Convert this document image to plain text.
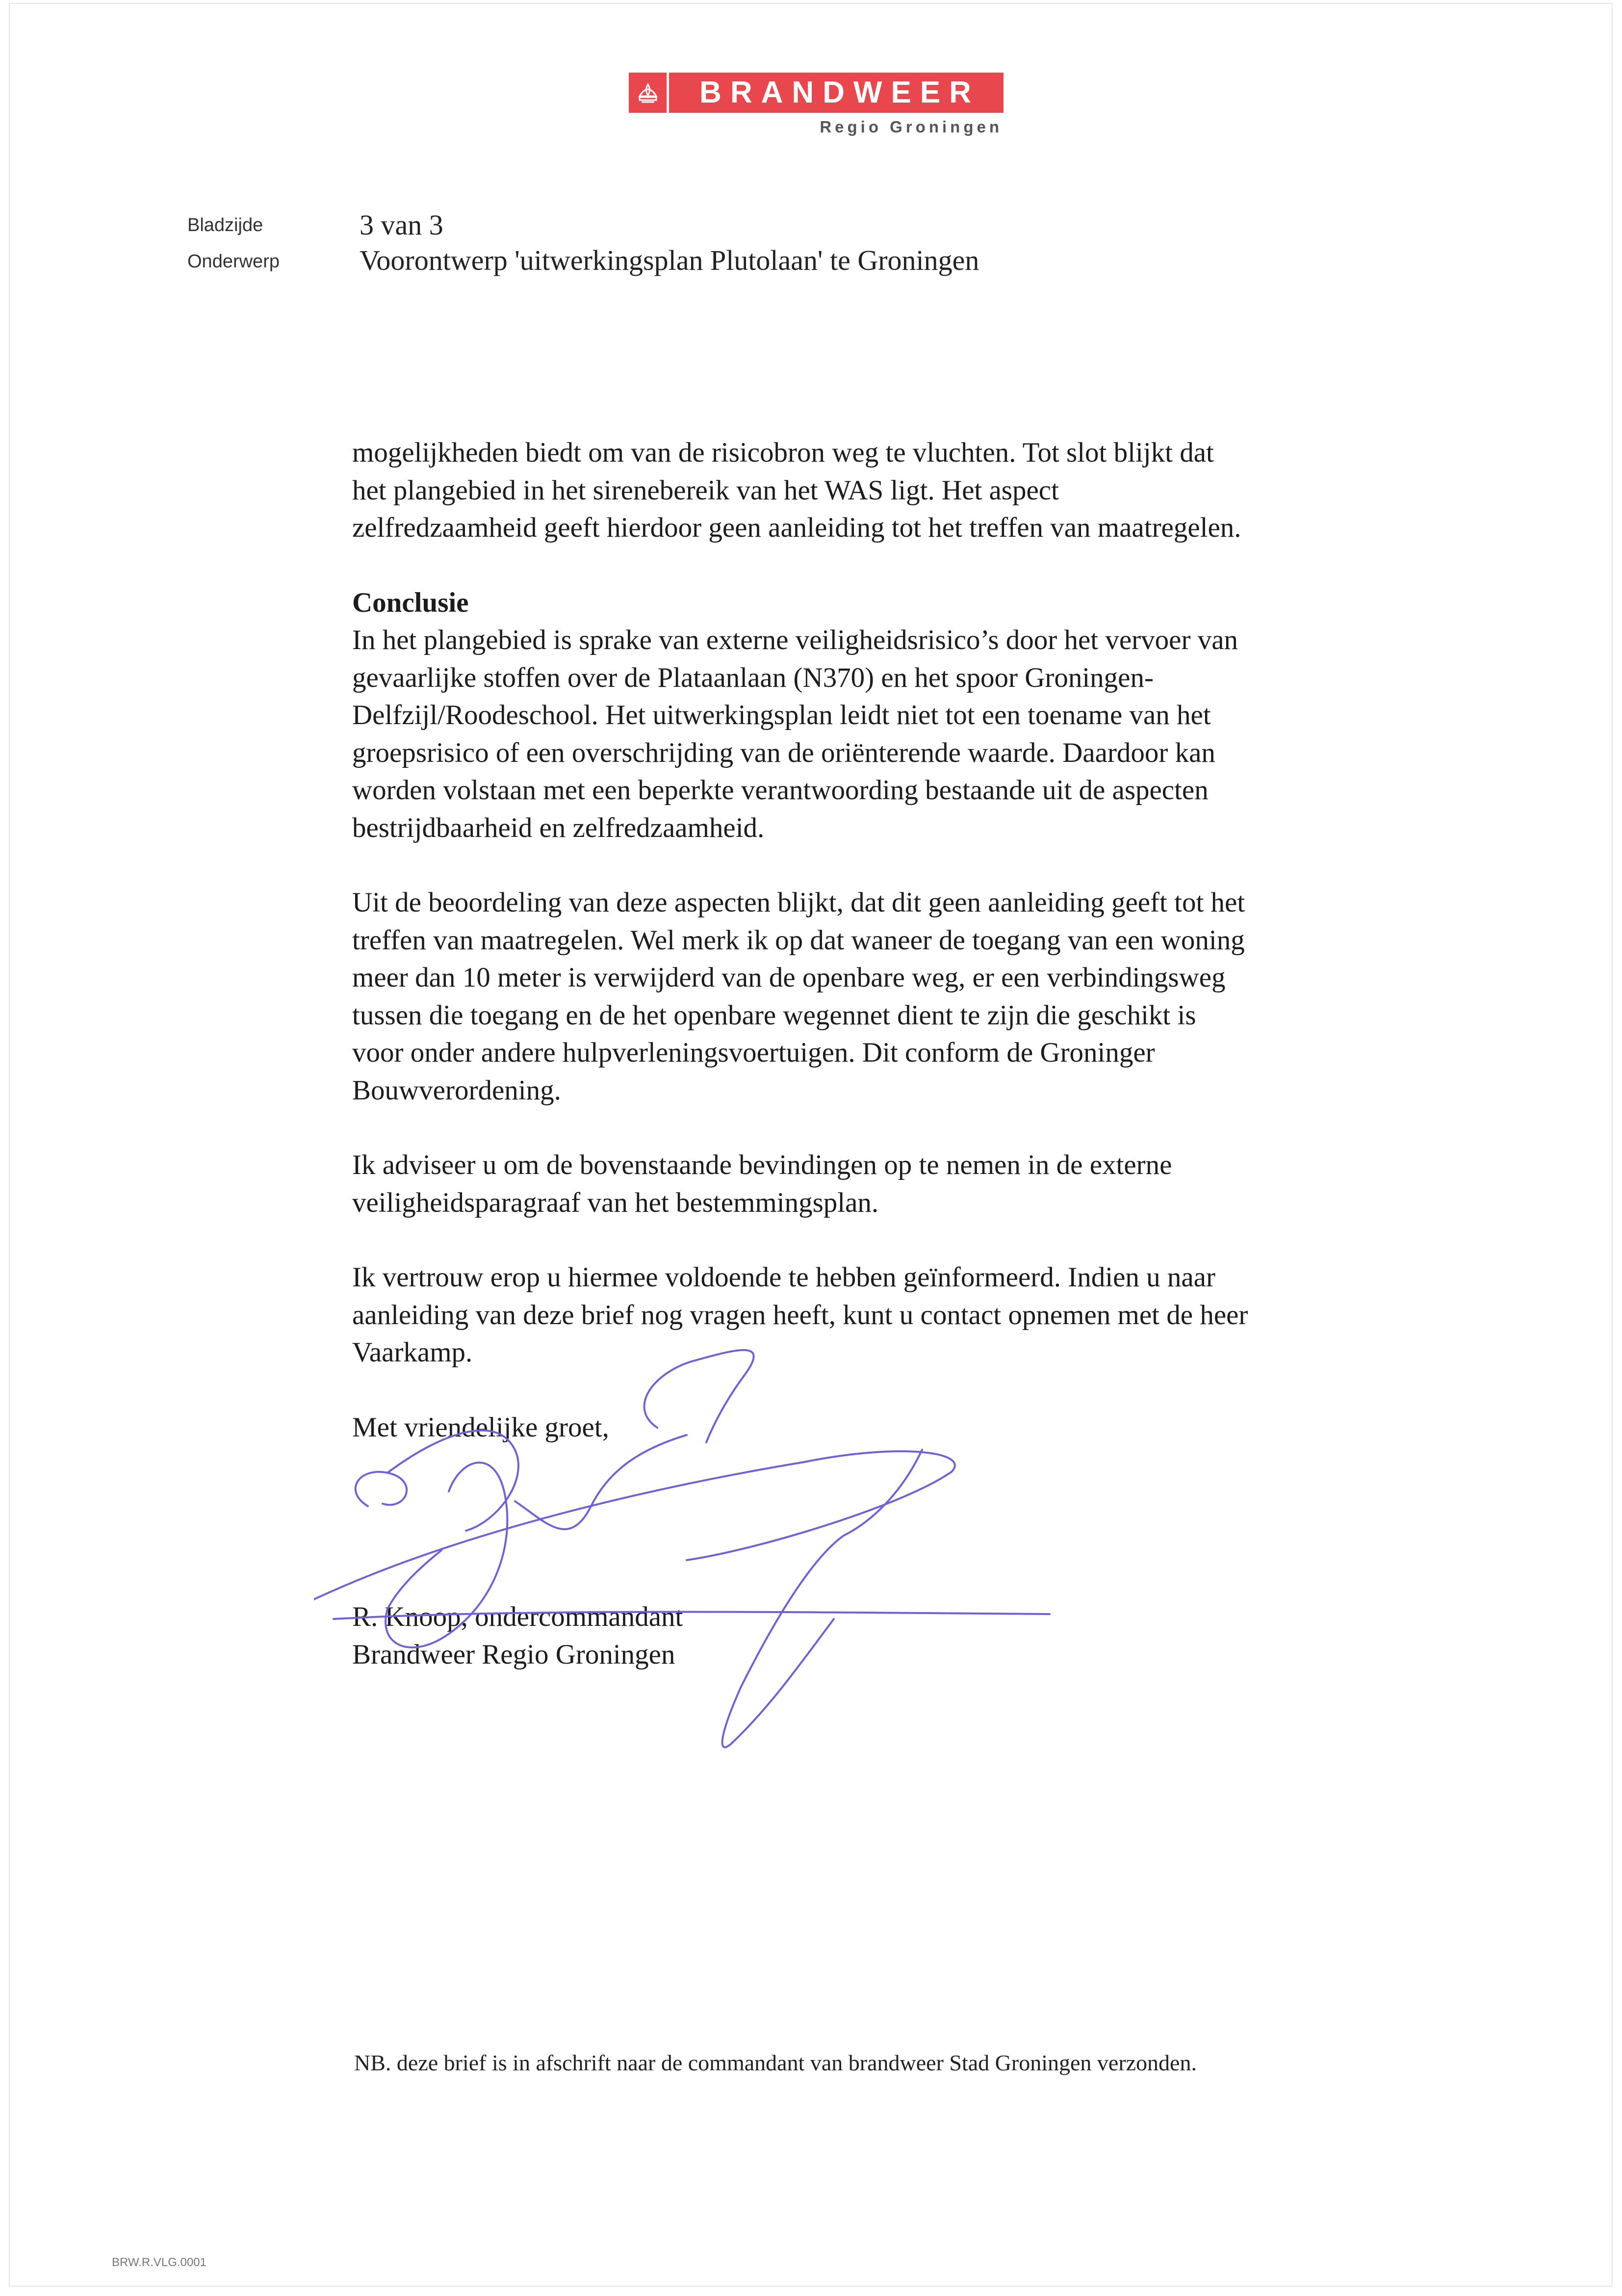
BRANDWEER
Regio Groningen
Bladzijde	3 van 3
Onderwerp	Voorontwerp 'uitwerkingsplan Plutolaan' te Groningen

mogelijkheden biedt om van de risicobron weg te vluchten. Tot slot blijkt dat

het plangebied in het sirenebereik van het WAS ligt. Het aspect

zelfredzaamheid geeft hierdoor geen aanleiding tot het treffen van maatregelen.

Conclusie

In het plangebied is sprake van externe veiligheidsrisico’s door het vervoer van

gevaarlijke stoffen over de Plataanlaan (N370) en het spoor Groningen-

Delfzijl/Roodeschool. Het uitwerkingsplan leidt niet tot een toename van het

groepsrisico of een overschrijding van de oriënterende waarde. Daardoor kan

worden volstaan met een beperkte verantwoording bestaande uit de aspecten

bestrijdbaarheid en zelfredzaamheid.

Uit de beoordeling van deze aspecten blijkt, dat dit geen aanleiding geeft tot het

treffen van maatregelen. Wel merk ik op dat waneer de toegang van een woning

meer dan 10 meter is verwijderd van de openbare weg, er een verbindingsweg

tussen die toegang en de het openbare wegennet dient te zijn die geschikt is

voor onder andere hulpverleningsvoertuigen. Dit conform de Groninger

Bouwverordening.

Ik adviseer u om de bovenstaande bevindingen op te nemen in de externe

veiligheidsparagraaf van het bestemmingsplan.

Ik vertrouw erop u hiermee voldoende te hebben geïnformeerd. Indien u naar

aanleiding van deze brief nog vragen heeft, kunt u contact opnemen met de heer

Vaarkamp.

Met vriendelijke groet,

R. Knoop, ondercommandant

Brandweer Regio Groningen

NB. deze brief is in afschrift naar de commandant van brandweer Stad Groningen verzonden.
BRW.R.VLG.0001
